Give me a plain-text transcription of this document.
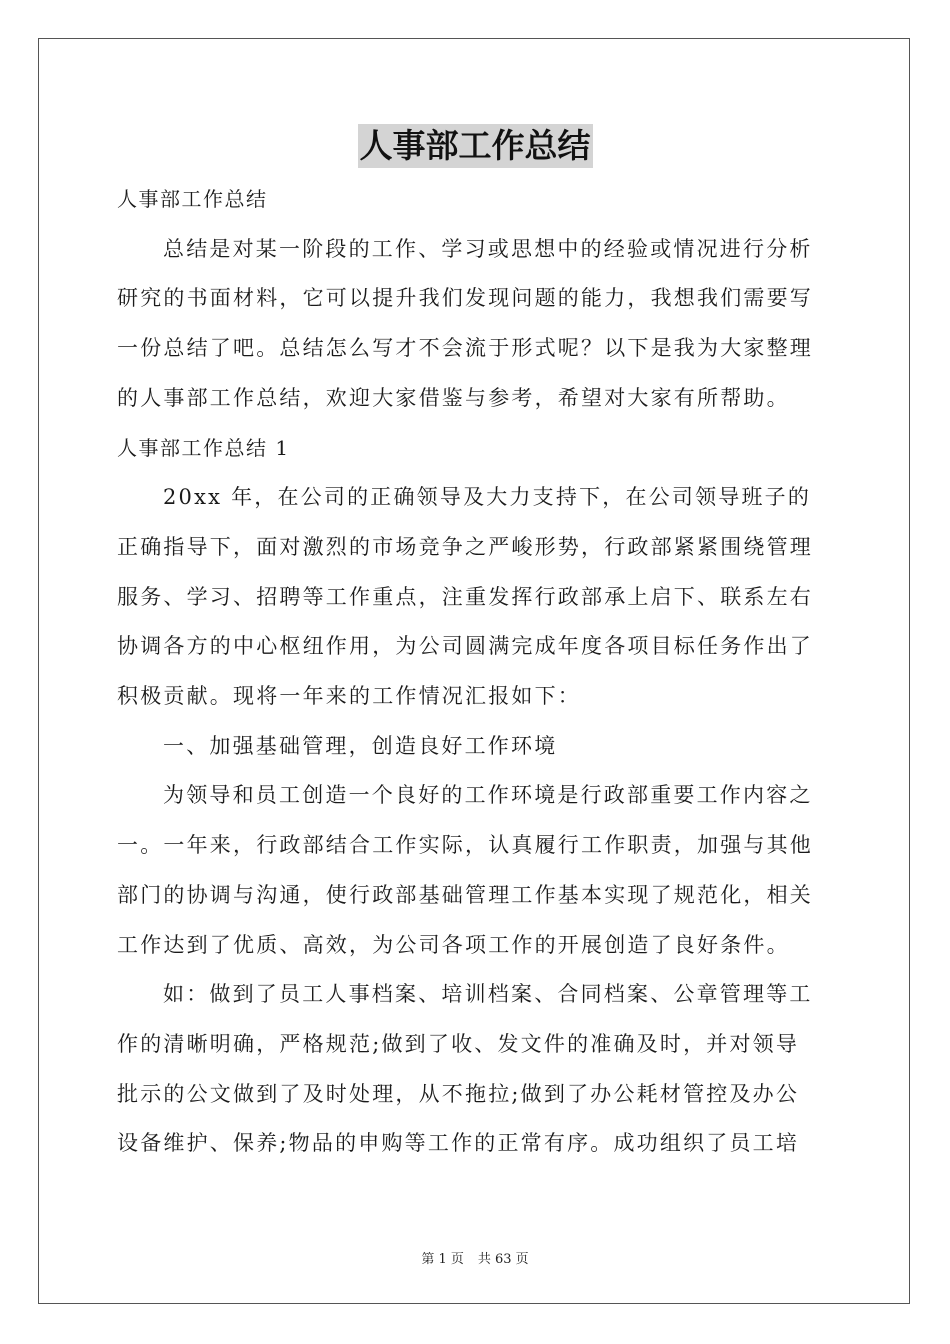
人事部工作总结
人事部工作总结
总结是对某一阶段的工作、学习或思想中的经验或情况进行分析
研究的书面材料，它可以提升我们发现问题的能力，我想我们需要写
一份总结了吧。总结怎么写才不会流于形式呢？以下是我为大家整理
的人事部工作总结，欢迎大家借鉴与参考，希望对大家有所帮助。
人事部工作总结 1
20xx 年，在公司的正确领导及大力支持下，在公司领导班子的
正确指导下，面对激烈的市场竞争之严峻形势，行政部紧紧围绕管理
服务、学习、招聘等工作重点，注重发挥行政部承上启下、联系左右
协调各方的中心枢纽作用，为公司圆满完成年度各项目标任务作出了
积极贡献。现将一年来的工作情况汇报如下：
一、加强基础管理，创造良好工作环境
为领导和员工创造一个良好的工作环境是行政部重要工作内容之
一。一年来，行政部结合工作实际，认真履行工作职责，加强与其他
部门的协调与沟通，使行政部基础管理工作基本实现了规范化，相关
工作达到了优质、高效，为公司各项工作的开展创造了良好条件。
如：做到了员工人事档案、培训档案、合同档案、公章管理等工
作的清晰明确，严格规范;做到了收、发文件的准确及时，并对领导
批示的公文做到了及时处理，从不拖拉;做到了办公耗材管控及办公
设备维护、保养;物品的申购等工作的正常有序。成功组织了员工培
第 1 页 共 63 页
